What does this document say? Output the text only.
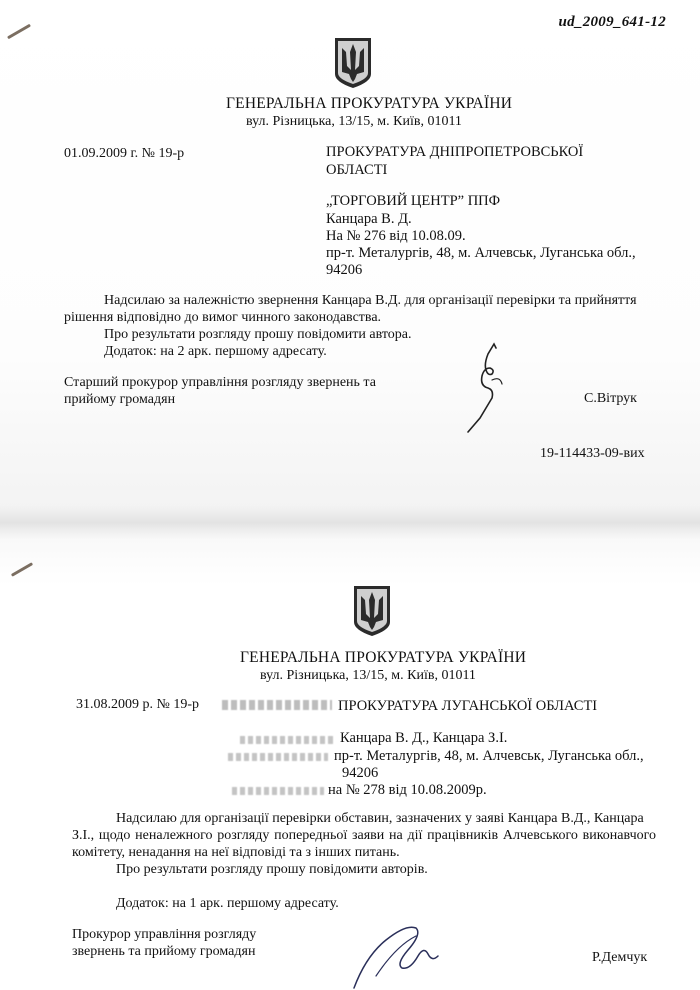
ud_2009_641-12
ГЕНЕРАЛЬНА ПРОКУРАТУРА УКРАЇНИ
вул. Різницька, 13/15, м. Київ, 01011
01.09.2009 г. № 19-р	ПРОКУРАТУРА ДНІПРОПЕТРОВСЬКОЇ
ОБЛАСТІ
„ТОРГОВИЙ ЦЕНТР” ППФ
Канцара В. Д.
На № 276 від 10.08.09.
пр-т. Металургів, 48, м. Алчевськ, Луганська обл.,
94206
Надсилаю за належністю звернення Канцара В.Д. для організації перевірки та прийняття
рішення відповідно до вимог чинного законодавства.
Про результати розгляду прошу повідомити автора.
Додаток: на 2 арк. першому адресату.
Старший прокурор управління розгляду звернень та
прийому громадян	С.Вітрук
19-114433-09-вих
ГЕНЕРАЛЬНА ПРОКУРАТУРА УКРАЇНИ
вул. Різницька, 13/15, м. Київ, 01011
31.08.2009 р. № 19-р	ПРОКУРАТУРА ЛУГАНСЬКОЇ ОБЛАСТІ
Канцара В. Д., Канцара З.І.
пр-т. Металургів, 48, м. Алчевськ, Луганська обл.,
94206
на № 278 від 10.08.2009р.
Надсилаю для організації перевірки обставин, зазначених у заяві Канцара В.Д., Канцара
З.І., щодо неналежного розгляду попередньої заяви на дії працівників Алчевського виконавчого комітету, ненадання на неї відповіді та з інших питань.
Про результати розгляду прошу повідомити авторів.
Додаток: на 1 арк. першому адресату.
Прокурор управління розгляду
звернень та прийому громадян	Р.Демчук
